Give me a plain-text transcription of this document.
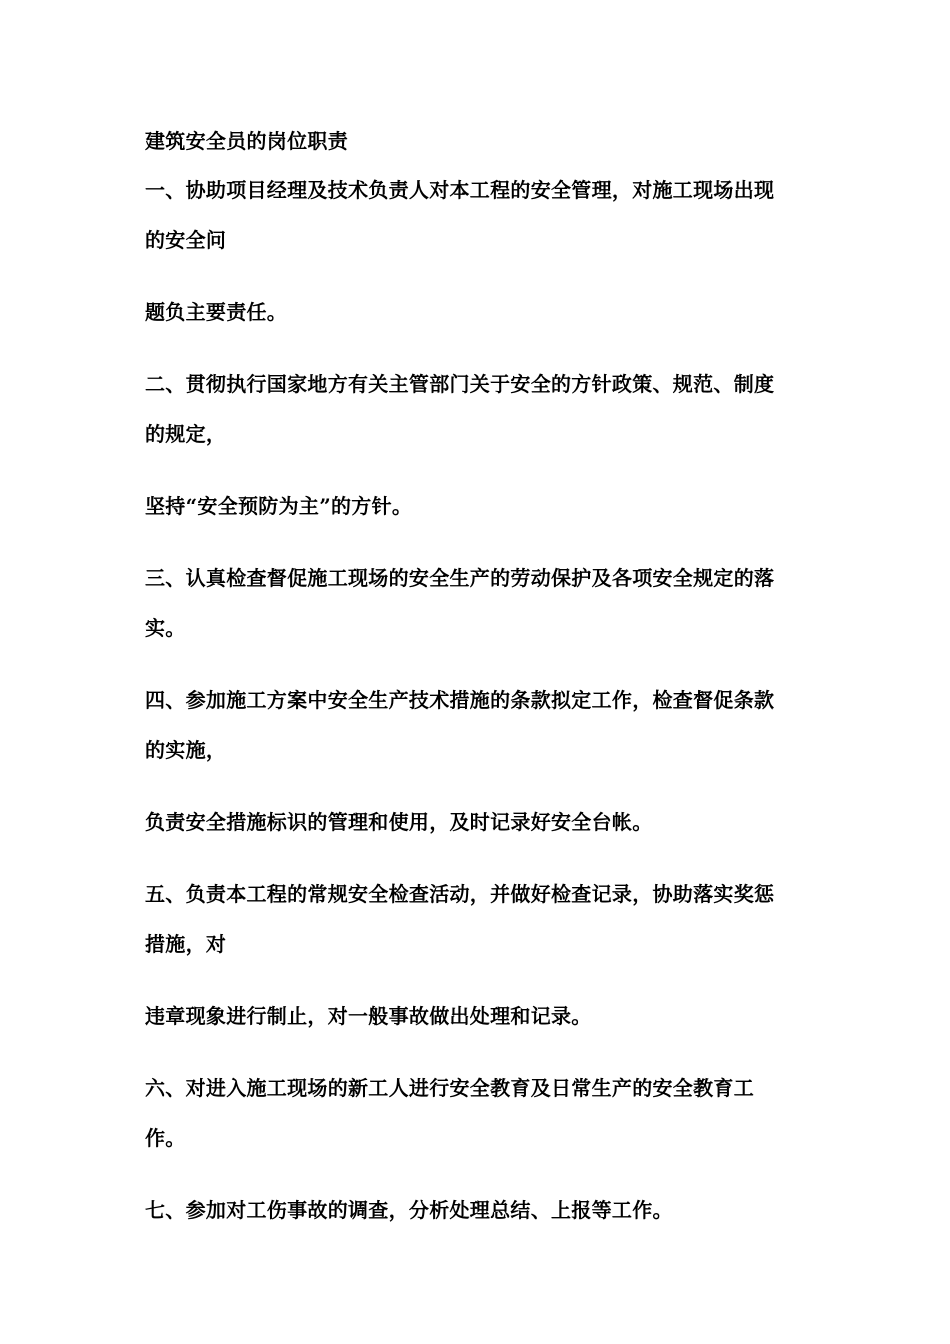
建筑安全员的岗位职责
一、协助项目经理及技术负责人对本工程的安全管理，对施工现场出现
的安全问
题负主要责任。
二、贯彻执行国家地方有关主管部门关于安全的方针政策、规范、制度
的规定，
坚持“安全预防为主”的方针。
三、认真检查督促施工现场的安全生产的劳动保护及各项安全规定的落
实。
四、参加施工方案中安全生产技术措施的条款拟定工作，检查督促条款
的实施，
负责安全措施标识的管理和使用，及时记录好安全台帐。
五、负责本工程的常规安全检查活动，并做好检查记录，协助落实奖惩
措施，对
违章现象进行制止，对一般事故做出处理和记录。
六、对进入施工现场的新工人进行安全教育及日常生产的安全教育工
作。
七、参加对工伤事故的调查，分析处理总结、上报等工作。
